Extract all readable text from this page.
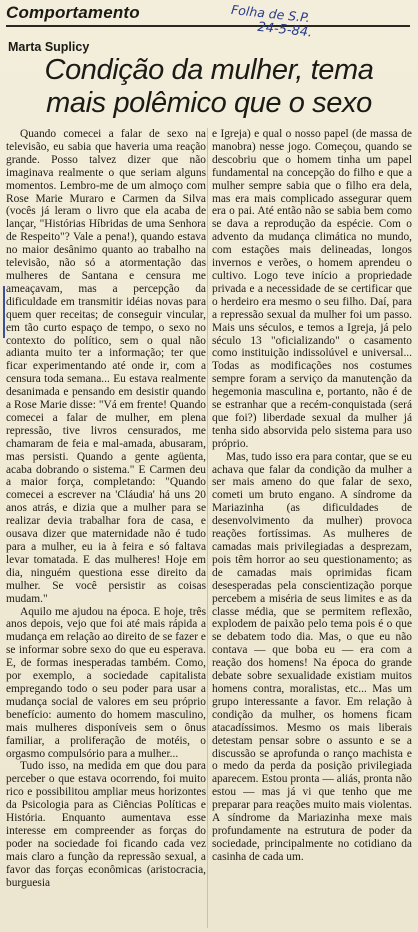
Comportamento	Folha de S.P.
24-5-84.
Marta Suplicy
Condição da mulher, tema
mais polêmico que o sexo

Quando comecei a falar de sexo na televisão, eu sabia que haveria uma reação grande. Posso talvez dizer que não imaginava realmente o que seriam alguns momentos. Lembro-me de um almoço com Rose Marie Muraro e Carmen da Silva (vocês já leram o livro que ela acaba de lançar, "Histórias Híbridas de uma Senhora de Respeito"? Vale a pena!), quando estava no maior desânimo quanto ao trabalho na televisão, não só a atormentação das mulheres de Santana e censura me ameaçavam, mas a percepção da dificuldade em transmitir idéias novas para quem quer receitas; de conseguir vincular, em tão curto espaço de tempo, o sexo no contexto do político, sem o qual não adianta muito ter a informação; ter que ficar experimentando até onde ir, com a censura toda semana... Eu estava realmente desanimada e pensando em desistir quando a Rose Marie disse: "Vá em frente! Quando comecei a falar de mulher, em plena repressão, tive livros censurados, me chamaram de feia e mal-amada, abusaram, mas persisti. Quando a gente agüenta, acaba dobrando o sistema." E Carmen deu a maior força, completando: "Quando comecei a escrever na 'Cláudia' há uns 20 anos atrás, e dizia que a mulher para se realizar devia trabalhar fora de casa, e ousava dizer que maternidade não é tudo para a mulher, eu ia à feira e só faltava levar tomatada. E das mulheres! Hoje em dia, ninguém questiona esse direito da mulher. Se você persistir as coisas mudam."

Aquilo me ajudou na época. E hoje, três anos depois, vejo que foi até mais rápida a mudança em relação ao direito de se fazer e se informar sobre sexo do que eu esperava. E, de formas inesperadas também. Como, por exemplo, a sociedade capitalista empregando todo o seu poder para usar a mudança social de valores em seu próprio benefício: aumento do homem masculino, mais mulheres disponíveis sem o ônus familiar, a proliferação de motéis, o orgasmo compulsório para a mulher...

Tudo isso, na medida em que dou para perceber o que estava ocorrendo, foi muito rico e possibilitou ampliar meus horizontes da Psicologia para as Ciências Políticas e História. Enquanto aumentava esse interesse em compreender as forças do poder na sociedade foi ficando cada vez mais claro a função da repressão sexual, a favor das forças econômicas (aristocracia, burguesia

e Igreja) e qual o nosso papel (de massa de manobra) nesse jogo. Começou, quando se descobriu que o homem tinha um papel fundamental na concepção do filho e que a mulher sempre sabia que o filho era dela, mas era mais complicado assegurar quem era o pai. Até então não se sabia bem como se dava a reprodução da espécie. Com o advento da mudança climática no mundo, com estações mais delineadas, longos invernos e verões, o homem aprendeu o cultivo. Logo teve início a propriedade privada e a necessidade de se certificar que o herdeiro era mesmo o seu filho. Daí, para a repressão sexual da mulher foi um passo. Mais uns séculos, e temos a Igreja, já pelo século 13 "oficializando" o casamento como instituição indissolúvel e universal... Todas as modificações nos costumes sempre foram a serviço da manutenção da hegemonia masculina e, portanto, não é de se estranhar que a recém-conquistada (será que foi?) liberdade sexual da mulher já tenha sido absorvida pelo sistema para uso próprio.

Mas, tudo isso era para contar, que se eu achava que falar da condição da mulher a ser mais ameno do que falar de sexo, cometi um bruto engano. A síndrome da Mariazinha (as dificuldades de desenvolvimento da mulher) provoca reações fortíssimas. As mulheres de camadas mais privilegiadas a desprezam, pois têm horror ao seu questionamento; as de camadas mais oprimidas ficam desesperadas pela conscientização porque percebem a miséria de seus limites e as da classe média, que se permitem reflexão, explodem de paixão pelo tema pois é o que se debatem todo dia. Mas, o que eu não contava — que boba eu — era com a reação dos homens! Na época do grande debate sobre sexualidade existiam muitos homens contra, moralistas, etc... Mas um grupo interessante a favor. Em relação à condição da mulher, os homens ficam atacadíssimos. Mesmo os mais liberais detestam pensar sobre o assunto e se a discussão se aprofunda o ranço machista e o medo da perda da posição privilegiada aparecem. Estou pronta — aliás, pronta não estou — mas já vi que tenho que me preparar para reações muito mais violentas. A síndrome da Mariazinha mexe mais profundamente na estrutura de poder da sociedade, principalmente no cotidiano da casinha de cada um.
